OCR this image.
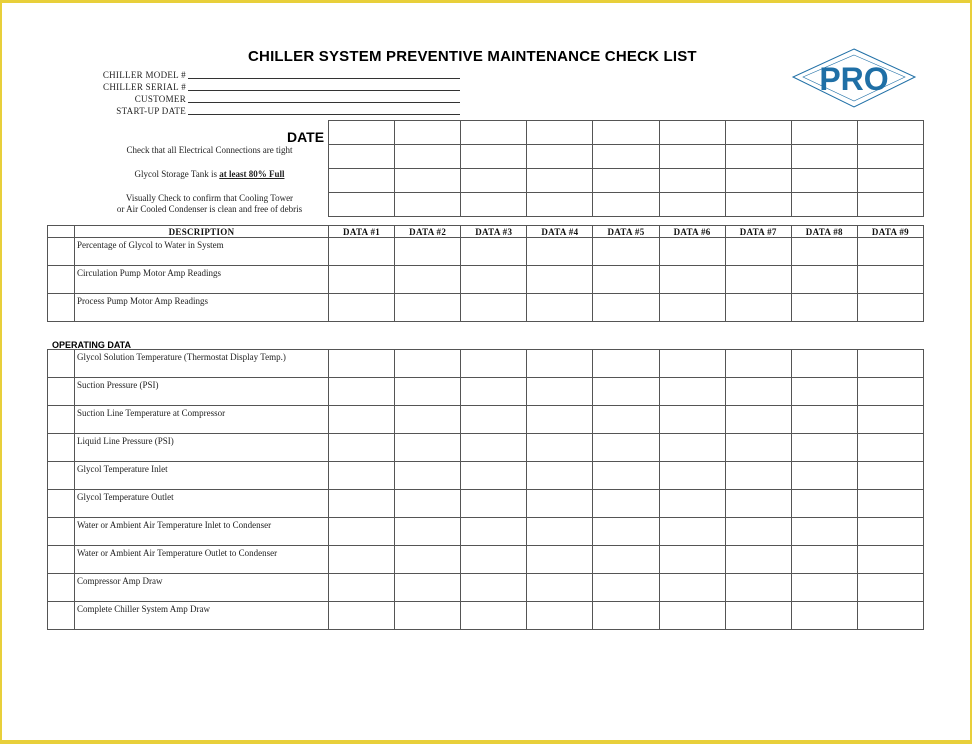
CHILLER SYSTEM PREVENTIVE MAINTENANCE CHECK LIST
CHILLER MODEL #
CHILLER SERIAL #
CUSTOMER
START-UP DATE
PRO
DATE
Check that all Electrical Connections are tight
Glycol Storage Tank is at least 80% Full
Visually Check to confirm that Cooling Tower
or Air Cooled Condenser is clean and free of debris

	DESCRIPTION	DATA #1	DATA #2	DATA #3	DATA #4	DATA #5	DATA #6	DATA #7	DATA #8	DATA #9
	Percentage of Glycol to Water in System									
	Circulation Pump Motor Amp Readings									
	Process Pump Motor Amp Readings									
OPERATING DATA
	Glycol Solution Temperature (Thermostat Display Temp.)									
	Suction Pressure (PSI)									
	Suction Line Temperature at Compressor									
	Liquid Line Pressure (PSI)									
	Glycol Temperature Inlet									
	Glycol Temperature Outlet									
	Water or Ambient Air Temperature Inlet to Condenser									
	Water or Ambient Air Temperature Outlet to Condenser									
	Compressor Amp Draw									
	Complete Chiller System Amp Draw									
